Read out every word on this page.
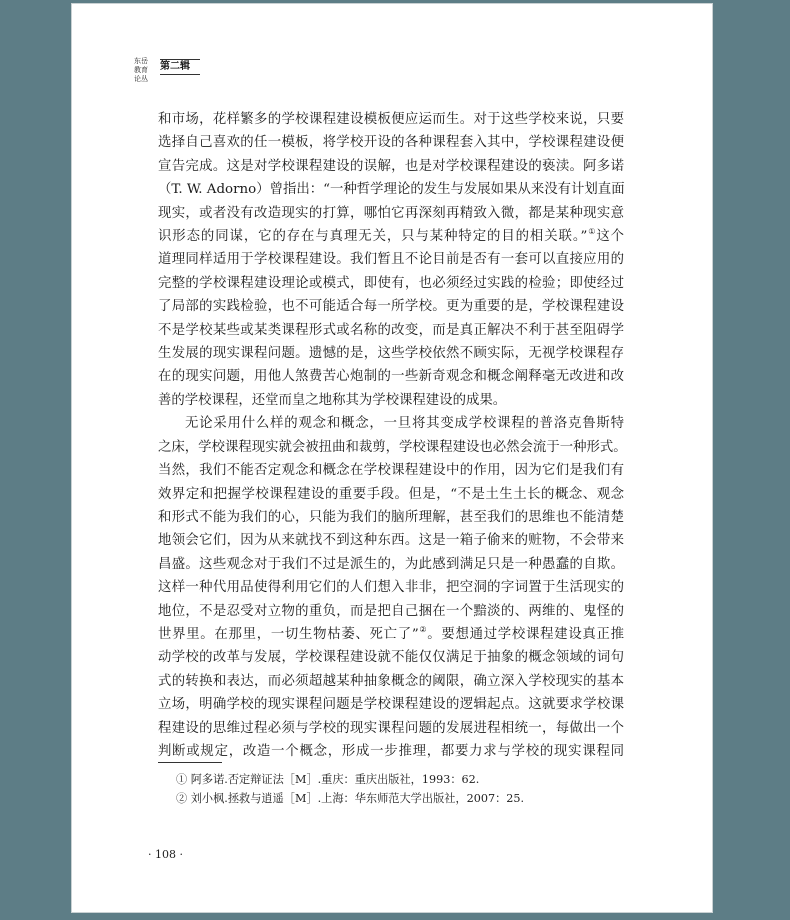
东岳
教育
论丛
第二辑
和市场，花样繁多的学校课程建设模板便应运而生。对于这些学校来说，只要
选择自己喜欢的任一模板，将学校开设的各种课程套入其中，学校课程建设便
宣告完成。这是对学校课程建设的误解，也是对学校课程建设的亵渎。阿多诺
（T. W. Adorno）曾指出：“一种哲学理论的发生与发展如果从来没有计划直面
现实，或者没有改造现实的打算，哪怕它再深刻再精致入微，都是某种现实意
识形态的同谋，它的存在与真理无关，只与某种特定的目的相关联。”①这个
道理同样适用于学校课程建设。我们暂且不论目前是否有一套可以直接应用的
完整的学校课程建设理论或模式，即使有，也必须经过实践的检验；即使经过
了局部的实践检验，也不可能适合每一所学校。更为重要的是，学校课程建设
不是学校某些或某类课程形式或名称的改变，而是真正解决不利于甚至阻碍学
生发展的现实课程问题。遗憾的是，这些学校依然不顾实际，无视学校课程存
在的现实问题，用他人煞费苦心炮制的一些新奇观念和概念阐释毫无改进和改
善的学校课程，还堂而皇之地称其为学校课程建设的成果。
无论采用什么样的观念和概念，一旦将其变成学校课程的普洛克鲁斯特
之床，学校课程现实就会被扭曲和裁剪，学校课程建设也必然会流于一种形式。
当然，我们不能否定观念和概念在学校课程建设中的作用，因为它们是我们有
效界定和把握学校课程建设的重要手段。但是，“不是土生土长的概念、观念
和形式不能为我们的心，只能为我们的脑所理解，甚至我们的思维也不能清楚
地领会它们，因为从来就找不到这种东西。这是一箱子偷来的赃物，不会带来
昌盛。这些观念对于我们不过是派生的，为此感到满足只是一种愚蠢的自欺。
这样一种代用品使得利用它们的人们想入非非，把空洞的字词置于生活现实的
地位，不是忍受对立物的重负，而是把自己捆在一个黯淡的、两维的、鬼怪的
世界里。在那里，一切生物枯萎、死亡了”②。要想通过学校课程建设真正推
动学校的改革与发展，学校课程建设就不能仅仅满足于抽象的概念领域的词句
式的转换和表达，而必须超越某种抽象概念的阈限，确立深入学校现实的基本
立场，明确学校的现实课程问题是学校课程建设的逻辑起点。这就要求学校课
程建设的思维过程必须与学校的现实课程问题的发展进程相统一，每做出一个
判断或规定，改造一个概念，形成一步推理，都要力求与学校的现实课程同
① 阿多诺.否定辩证法［M］.重庆：重庆出版社，1993：62.
② 刘小枫.拯救与逍遥［M］.上海：华东师范大学出版社，2007：25.
· 108 ·
